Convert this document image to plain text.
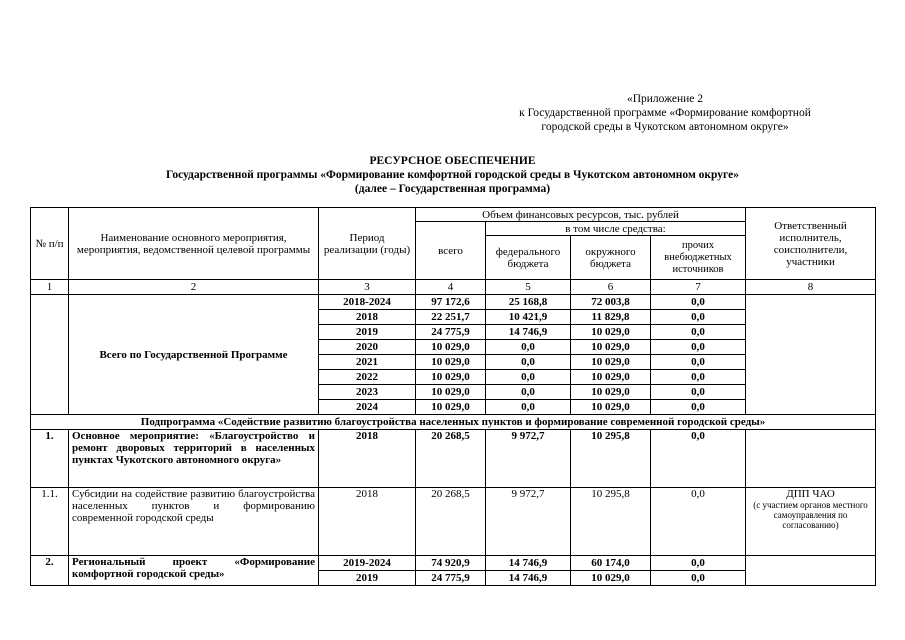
«Приложение 2
к Государственной программе «Формирование комфортной
городской среды в Чукотском автономном округе»
РЕСУРСНОЕ ОБЕСПЕЧЕНИЕ
Государственной программы «Формирование комфортной городской среды в Чукотском автономном округе»
(далее – Государственная программа)
№ п/п	Наименование основного мероприятия, мероприятия, ведомственной целевой программы	Период реализации (годы)	Объем финансовых ресурсов, тыс. рублей				Ответственный исполнитель, соисполнители, участники
			всего	в том числе средства:			
				федерального бюджета	окружного бюджета	прочих внебюджетных источников	
1	2	3	4	5	6	7	8
	Всего по Государственной Программе	2018-2024	97 172,6	25 168,8	72 003,8	0,0	
		2018	22 251,7	10 421,9	11 829,8	0,0	
		2019	24 775,9	14 746,9	10 029,0	0,0	
		2020	10 029,0	0,0	10 029,0	0,0	
		2021	10 029,0	0,0	10 029,0	0,0	
		2022	10 029,0	0,0	10 029,0	0,0	
		2023	10 029,0	0,0	10 029,0	0,0	
		2024	10 029,0	0,0	10 029,0	0,0	
Подпрограмма «Содействие развитию благоустройства населенных пунктов и формирование современной городской среды»							
1.	Основное мероприятие: «Благоустройство и ремонт дворовых территорий в населенных пунктах Чукотского автономного округа»	2018	20 268,5	9 972,7	10 295,8	0,0	
1.1.	Субсидии на содействие развитию благоустройства населенных пунктов и формированию современной городской среды	2018	20 268,5	9 972,7	10 295,8	0,0	ДПП ЧАО
(с участием органов местного самоуправления по согласованию)

2.	Региональный проект «Формирование комфортной городской среды»	2019-2024	74 920,9	14 746,9	60 174,0	0,0	
		2019	24 775,9	14 746,9	10 029,0	0,0	
